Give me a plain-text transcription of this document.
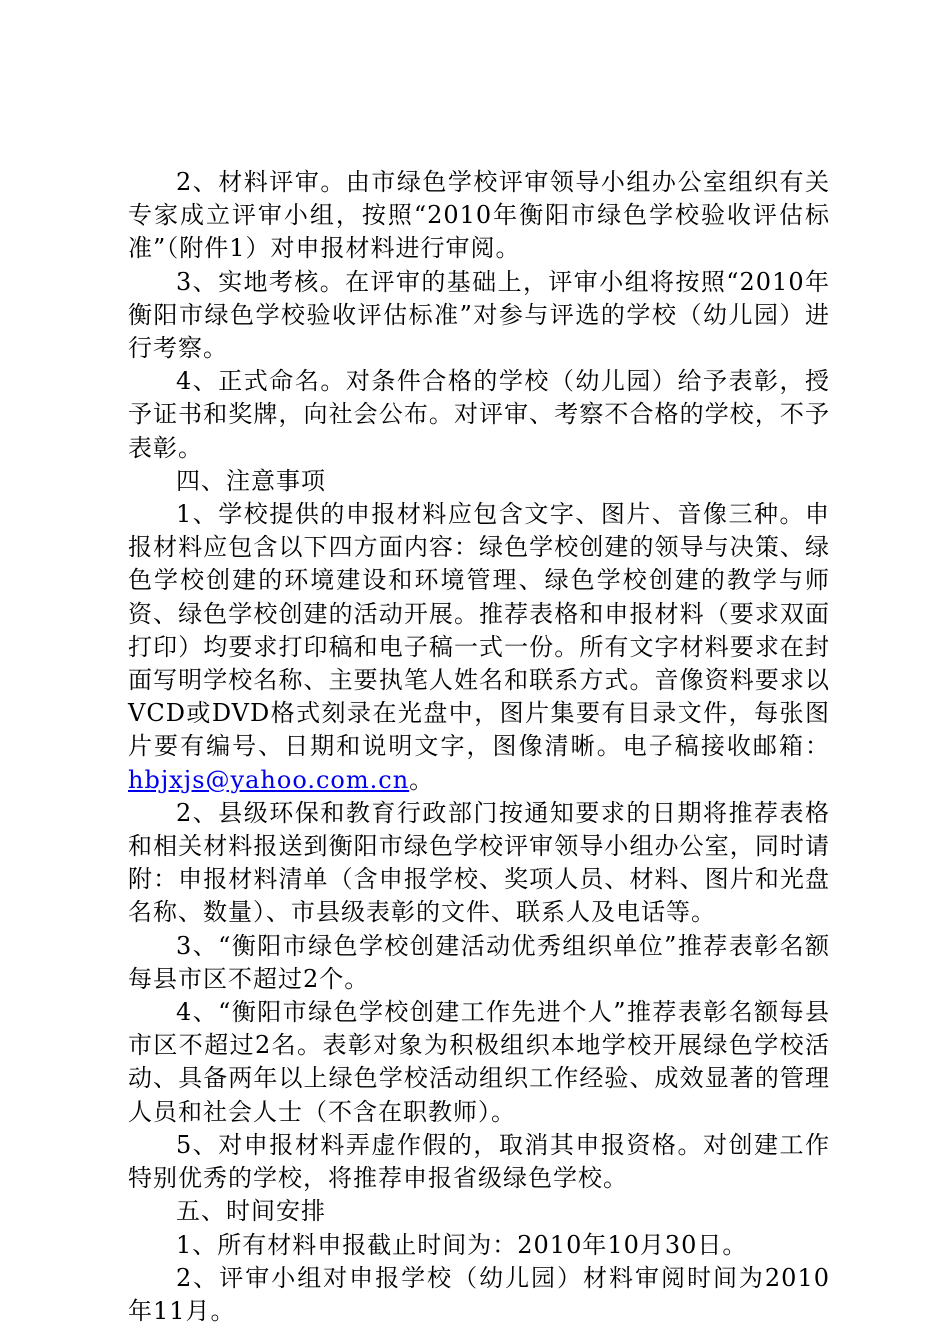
2、材料评审。由市绿色学校评审领导小组办公室组织有关专家成立评审小组，按照“2010年衡阳市绿色学校验收评估标准”（附件1）对申报材料进行审阅。

3、实地考核。在评审的基础上，评审小组将按照“2010年衡阳市绿色学校验收评估标准”对参与评选的学校（幼儿园）进行考察。

4、正式命名。对条件合格的学校（幼儿园）给予表彰，授予证书和奖牌，向社会公布。对评审、考察不合格的学校，不予表彰。

四、注意事项

1、学校提供的申报材料应包含文字、图片、音像三种。申报材料应包含以下四方面内容：绿色学校创建的领导与决策、绿色学校创建的环境建设和环境管理、绿色学校创建的教学与师资、绿色学校创建的活动开展。推荐表格和申报材料（要求双面打印）均要求打印稿和电子稿一式一份。所有文字材料要求在封面写明学校名称、主要执笔人姓名和联系方式。音像资料要求以VCD或DVD格式刻录在光盘中，图片集要有目录文件，每张图片要有编号、日期和说明文字，图像清晰。电子稿接收邮箱：hbjxjs@yahoo.com.cn。

2、县级环保和教育行政部门按通知要求的日期将推荐表格和相关材料报送到衡阳市绿色学校评审领导小组办公室，同时请附：申报材料清单（含申报学校、奖项人员、材料、图片和光盘名称、数量）、市县级表彰的文件、联系人及电话等。

3、“衡阳市绿色学校创建活动优秀组织单位”推荐表彰名额每县市区不超过2个。

4、“衡阳市绿色学校创建工作先进个人”推荐表彰名额每县市区不超过2名。表彰对象为积极组织本地学校开展绿色学校活动、具备两年以上绿色学校活动组织工作经验、成效显著的管理人员和社会人士（不含在职教师）。

5、对申报材料弄虚作假的，取消其申报资格。对创建工作特别优秀的学校，将推荐申报省级绿色学校。

五、时间安排

1、所有材料申报截止时间为：2010年10月30日。

2、评审小组对申报学校（幼儿园）材料审阅时间为2010年11月。
